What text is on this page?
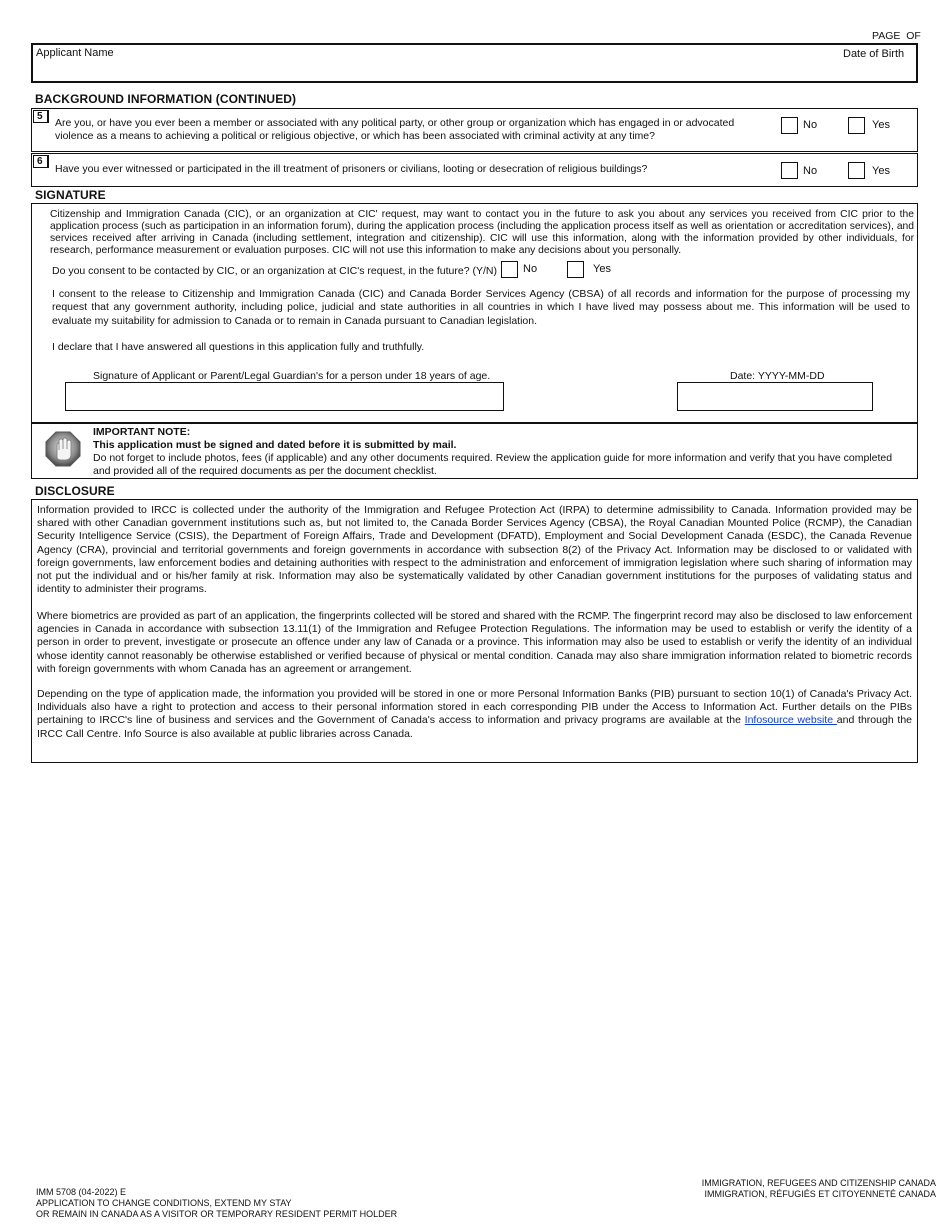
PAGE  OF
Applicant Name	Date of Birth
BACKGROUND INFORMATION (CONTINUED)
5
Are you, or have you ever been a member or associated with any political party, or other group or organization which has engaged in or advocated violence as a means to achieving a political or religious objective, or which has been associated with criminal activity at any time?
No	Yes
6
Have you ever witnessed or participated in the ill treatment of prisoners or civilians, looting or desecration of religious buildings?	No	Yes
SIGNATURE
Citizenship and Immigration Canada (CIC), or an organization at CIC' request, may want to contact you in the future to ask you about any services you received from CIC prior to the application process (such as participation in an information forum), during the application process (including the application process itself as well as orientation or accreditation services), and services received after arriving in Canada (including settlement, integration and citizenship). CIC will use this information, along with the information provided by other individuals, for research, performance measurement or evaluation purposes. CIC will not use this information to make any decisions about you personally.
Do you consent to be contacted by CIC, or an organization at CIC's request, in the future? (Y/N) No	Yes
I consent to the release to Citizenship and Immigration Canada (CIC) and Canada Border Services Agency (CBSA) of all records and information for the purpose of processing my request that any government authority, including police, judicial and state authorities in all countries in which I have lived may possess about me. This information will be used to evaluate my suitability for admission to Canada or to remain in Canada pursuant to Canadian legislation.
I declare that I have answered all questions in this application fully and truthfully.
Signature of Applicant or Parent/Legal Guardian's for a person under 18 years of age.	Date: YYYY-MM-DD
IMPORTANT NOTE:
This application must be signed and dated before it is submitted by mail.
Do not forget to include photos, fees (if applicable) and any other documents required. Review the application guide for more information and verify that you have completed and provided all of the required documents as per the document checklist.
DISCLOSURE
Information provided to IRCC is collected under the authority of the Immigration and Refugee Protection Act (IRPA) to determine admissibility to Canada. Information provided may be shared with other Canadian government institutions such as, but not limited to, the Canada Border Services Agency (CBSA), the Royal Canadian Mounted Police (RCMP), the Canadian Security Intelligence Service (CSIS), the Department of Foreign Affairs, Trade and Development (DFATD), Employment and Social Development Canada (ESDC), the Canada Revenue Agency (CRA), provincial and territorial governments and foreign governments in accordance with subsection 8(2) of the Privacy Act. Information may be disclosed to or validated with foreign governments, law enforcement bodies and detaining authorities with respect to the administration and enforcement of immigration legislation where such sharing of information may not put the individual and or his/her family at risk. Information may also be systematically validated by other Canadian government institutions for the purposes of validating status and identity to administer their programs.
Where biometrics are provided as part of an application, the fingerprints collected will be stored and shared with the RCMP. The fingerprint record may also be disclosed to law enforcement agencies in Canada in accordance with subsection 13.11(1) of the Immigration and Refugee Protection Regulations. The information may be used to establish or verify the identity of a person in order to prevent, investigate or prosecute an offence under any law of Canada or a province. This information may also be used to establish or verify the identity of an individual whose identity cannot reasonably be otherwise established or verified because of physical or mental condition. Canada may also share immigration information related to biometric records with foreign governments with whom Canada has an agreement or arrangement.
Depending on the type of application made, the information you provided will be stored in one or more Personal Information Banks (PIB) pursuant to section 10(1) of Canada's Privacy Act. Individuals also have a right to protection and access to their personal information stored in each corresponding PIB under the Access to Information Act. Further details on the PIBs pertaining to IRCC's line of business and services and the Government of Canada's access to information and privacy programs are available at the Infosource website and through the IRCC Call Centre. Info Source is also available at public libraries across Canada.
IMM 5708 (04-2022) E
APPLICATION TO CHANGE CONDITIONS, EXTEND MY STAY
OR REMAIN IN CANADA AS A VISITOR OR TEMPORARY RESIDENT PERMIT HOLDER
IMMIGRATION, REFUGEES AND CITIZENSHIP CANADA
IMMIGRATION, RÉFUGIÉS ET CITOYENNETÉ CANADA
